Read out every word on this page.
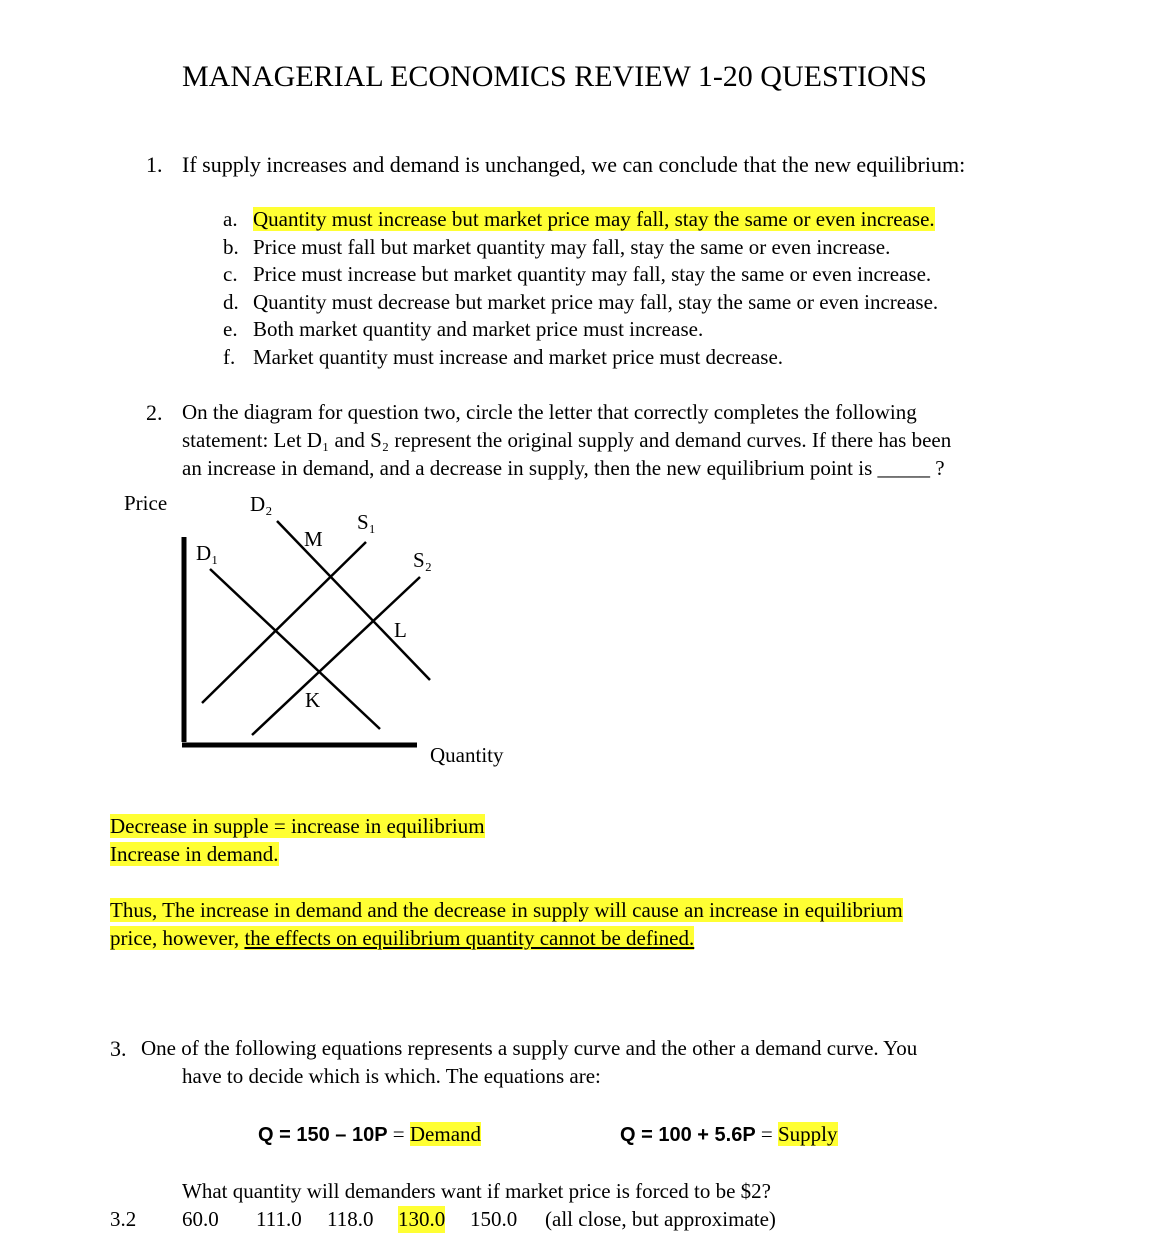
MANAGERIAL ECONOMICS REVIEW 1-20 QUESTIONS
1. If supply increases and demand is unchanged, we can conclude that the new equilibrium:
a. Quantity must increase but market price may fall, stay the same or even increase.
b. Price must fall but market quantity may fall, stay the same or even increase.
c. Price must increase but market quantity may fall, stay the same or even increase.
d. Quantity must decrease but market price may fall, stay the same or even increase.
e. Both market quantity and market price must increase.
f. Market quantity must increase and market price must decrease.
2. On the diagram for question two, circle the letter that correctly completes the following
statement: Let D₁ and S₂ represent the original supply and demand curves. If there has been
an increase in demand, and a decrease in supply, then the new equilibrium point is _____ ?
Price	D₂
S₁
M
D₁	S₂
L
K
Quantity
Decrease in supple = increase in equilibrium
Increase in demand.
Thus, The increase in demand and the decrease in supply will cause an increase in equilibrium
price, however, the effects on equilibrium quantity cannot be defined.
3. One of the following equations represents a supply curve and the other a demand curve. You
have to decide which is which. The equations are:
Q = 150 – 10P = Demand	Q = 100 + 5.6P = Supply
What quantity will demanders want if market price is forced to be $2?
3.2 60.0 111.0 118.0 130.0 150.0 (all close, but approximate)
